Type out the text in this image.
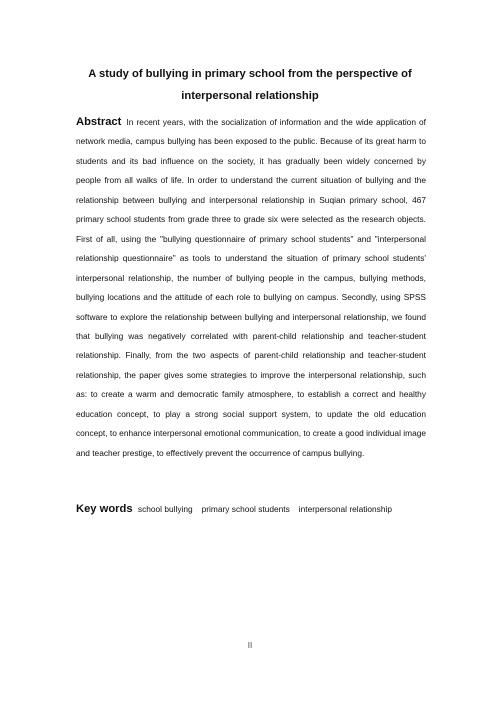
A study of bullying in primary school from the perspective of
interpersonal relationship

Abstract In recent years, with the socialization of information and the wide application of network media, campus bullying has been exposed to the public. Because of its great harm to students and its bad influence on the society, it has gradually been widely concerned by people from all walks of life. In order to understand the current situation of bullying and the relationship between bullying and interpersonal relationship in Suqian primary school, 467 primary school students from grade three to grade six were selected as the research objects. First of all, using the "bullying questionnaire of primary school students" and "interpersonal relationship questionnaire" as tools to understand the situation of primary school students' interpersonal relationship, the number of bullying people in the campus, bullying methods, bullying locations and the attitude of each role to bullying on campus. Secondly, using SPSS software to explore the relationship between bullying and interpersonal relationship, we found that bullying was negatively correlated with parent-child relationship and teacher-student relationship. Finally, from the two aspects of parent-child relationship and teacher-student relationship, the paper gives some strategies to improve the interpersonal relationship, such as: to create a warm and democratic family atmosphere, to establish a correct and healthy education concept, to play a strong social support system, to update the old education concept, to enhance interpersonal emotional communication, to create a good individual image and teacher prestige, to effectively prevent the occurrence of campus bullying.

Key words school bullying primary school students interpersonal relationship
II
